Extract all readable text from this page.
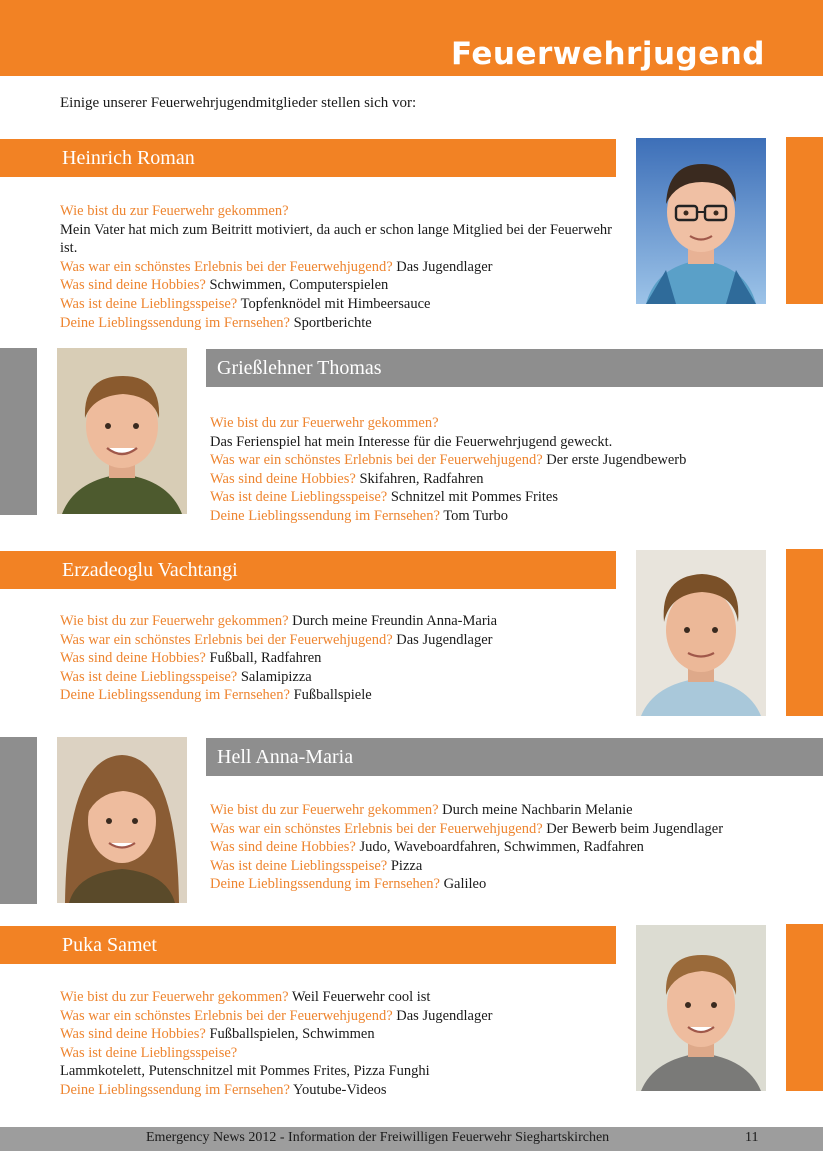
Feuerwehrjugend
Einige unserer Feuerwehrjugendmitglieder stellen sich vor:
Heinrich Roman
Wie bist du zur Feuerwehr gekommen?
Mein Vater hat mich zum Beitritt motiviert, da auch er schon lange Mitglied bei der Feuerwehr ist.
Was war ein schönstes Erlebnis bei der Feuerwehjugend? Das Jugendlager
Was sind deine Hobbies? Schwimmen, Computerspielen
Was ist deine Lieblingsspeise? Topfenknödel mit Himbeersauce
Deine Lieblingssendung im Fernsehen? Sportberichte
Grießlehner Thomas
Wie bist du zur Feuerwehr gekommen?
Das Ferienspiel hat mein Interesse für die Feuerwehrjugend geweckt.
Was war ein schönstes Erlebnis bei der Feuerwehjugend? Der erste Jugendbewerb
Was sind deine Hobbies? Skifahren, Radfahren
Was ist deine Lieblingsspeise? Schnitzel mit Pommes Frites
Deine Lieblingssendung im Fernsehen? Tom Turbo
Erzadeoglu Vachtangi
Wie bist du zur Feuerwehr gekommen? Durch meine Freundin Anna-Maria
Was war ein schönstes Erlebnis bei der Feuerwehjugend? Das Jugendlager
Was sind deine Hobbies? Fußball, Radfahren
Was ist deine Lieblingsspeise? Salamipizza
Deine Lieblingssendung im Fernsehen? Fußballspiele
Hell Anna-Maria
Wie bist du zur Feuerwehr gekommen? Durch meine Nachbarin Melanie
Was war ein schönstes Erlebnis bei der Feuerwehjugend? Der Bewerb beim Jugendlager
Was sind deine Hobbies? Judo, Waveboardfahren, Schwimmen, Radfahren
Was ist deine Lieblingsspeise? Pizza
Deine Lieblingssendung im Fernsehen? Galileo
Puka Samet
Wie bist du zur Feuerwehr gekommen? Weil Feuerwehr cool ist
Was war ein schönstes Erlebnis bei der Feuerwehjugend? Das Jugendlager
Was sind deine Hobbies? Fußballspielen, Schwimmen
Was ist deine Lieblingsspeise?
Lammkotelett, Putenschnitzel mit Pommes Frites, Pizza Funghi
Deine Lieblingssendung im Fernsehen? Youtube-Videos
Emergency News 2012 - Information der Freiwilligen Feuerwehr Sieghartskirchen	11
